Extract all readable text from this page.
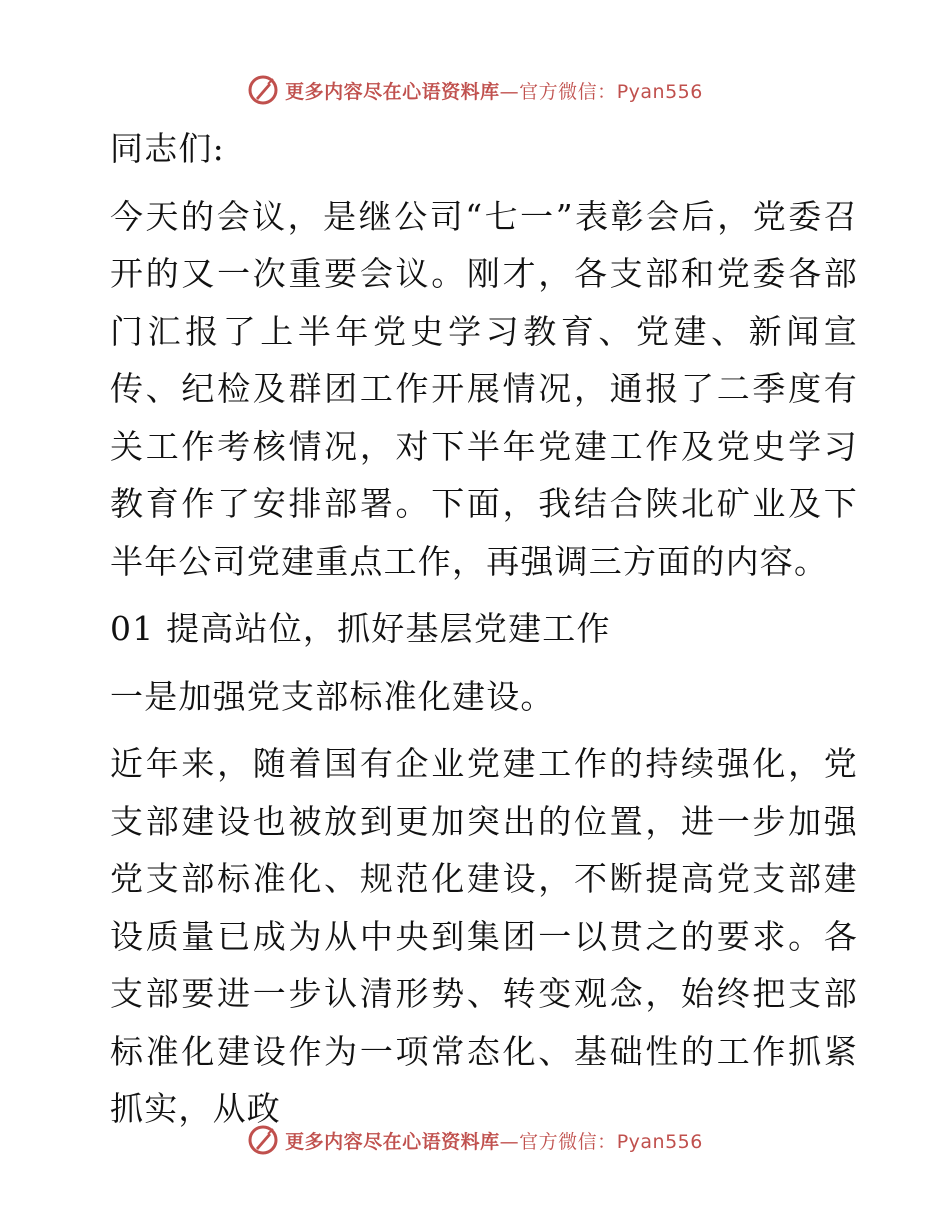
更多内容尽在心语资料库—官方微信：Pyan556

同志们:

今天的会议，是继公司“七一”表彰会后，党委召开的又一次重要会议。刚才，各支部和党委各部门汇报了上半年党史学习教育、党建、新闻宣传、纪检及群团工作开展情况，通报了二季度有关工作考核情况，对下半年党建工作及党史学习教育作了安排部署。下面，我结合陕北矿业及下半年公司党建重点工作，再强调三方面的内容。

01 提高站位，抓好基层党建工作

一是加强党支部标准化建设。

近年来，随着国有企业党建工作的持续强化，党支部建设也被放到更加突出的位置，进一步加强党支部标准化、规范化建设，不断提高党支部建设质量已成为从中央到集团一以贯之的要求。各支部要进一步认清形势、转变观念，始终把支部标准化建设作为一项常态化、基础性的工作抓紧抓实，从政

更多内容尽在心语资料库—官方微信：Pyan556
